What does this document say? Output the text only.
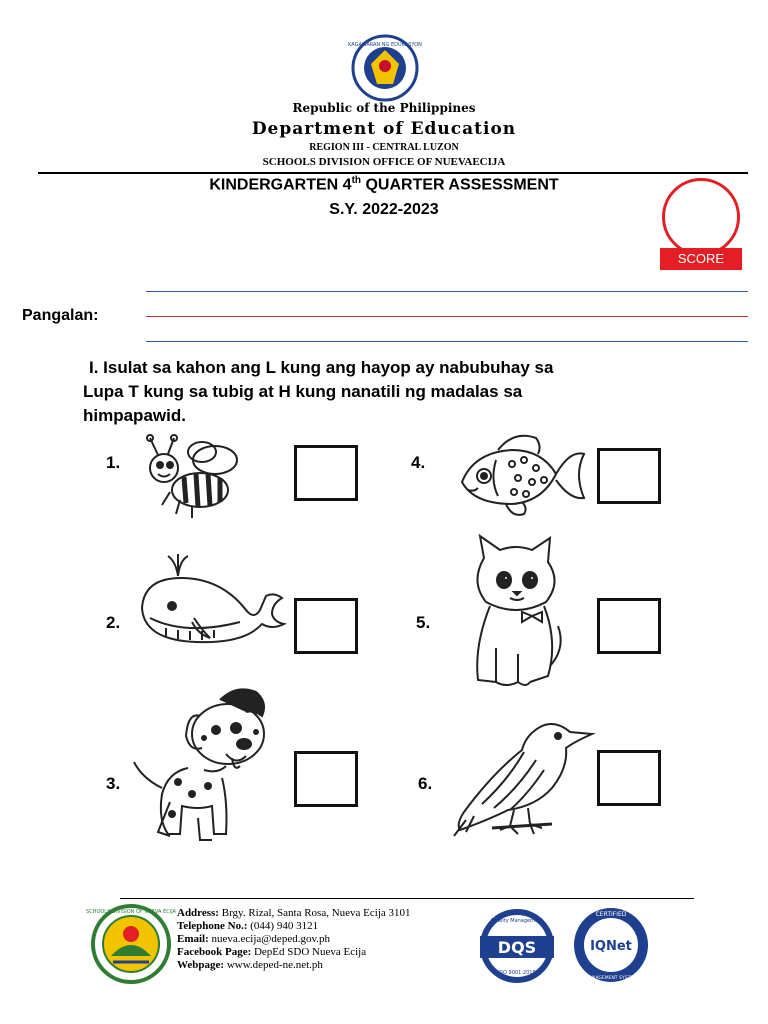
KAGAWARAN NG EDUKASYON
Republic of the Philippines
Department of Education
REGION III - CENTRAL LUZON
SCHOOLS DIVISION OFFICE OF NUEVAECIJA
KINDERGARTEN 4th QUARTER ASSESSMENT
S.Y. 2022-2023
SCORE
Pangalan:
I. Isulat sa kahon ang L kung ang hayop ay nabubuhay sa
Lupa T kung sa tubig at H kung nanatili ng madalas sa
himpapawid.
1.
2.
3.
4.
5.
6.
SCHOOLS DIVISION OF NUEVA ECIJA Address: Brgy. Rizal, Santa Rosa, Nueva Ecija 3101
Telephone No.: (044) 940 3121
Email: nueva.ecija@deped.gov.ph
Facebook Page: DepEd SDO Nueva Ecija
Webpage: www.deped-ne.net.ph
DQS
Quality Management
ISO 9001:2015
IQNet
CERTIFIED
MANAGEMENT SYSTEM
